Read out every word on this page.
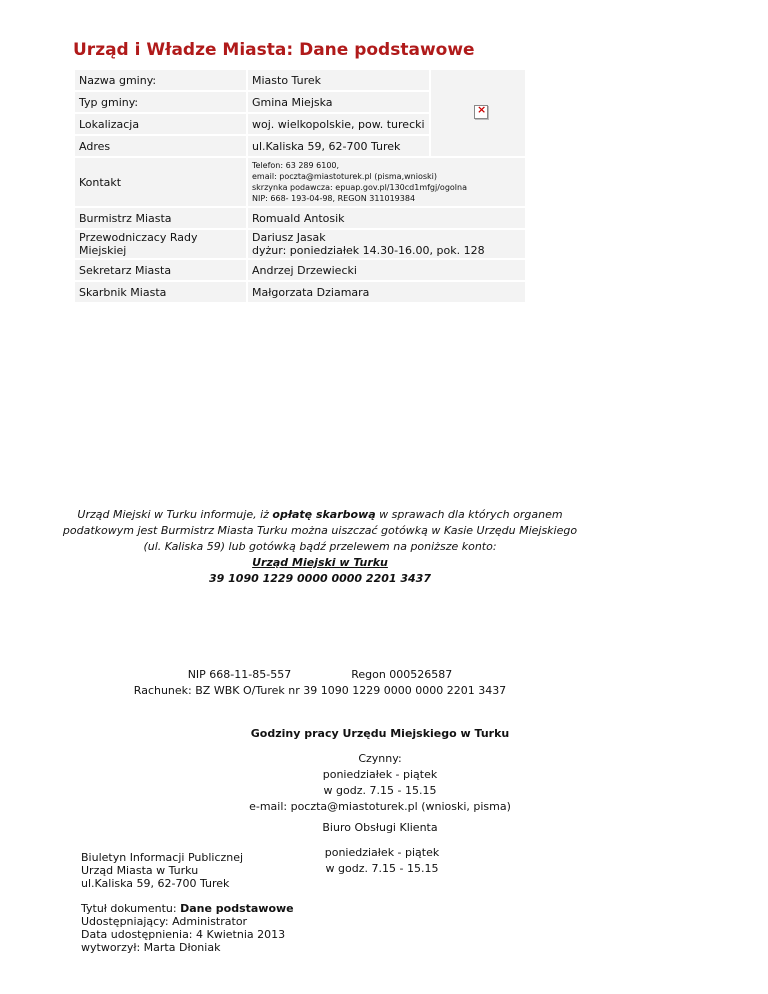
Urząd i Władze Miasta: Dane podstawowe
Nazwa gminy:	Miasto Turek	×
Typ gminy:	Gmina Miejska	
Lokalizacja	woj. wielkopolskie, pow. turecki	
Adres	ul.Kaliska 59, 62-700 Turek	
Kontakt	Telefon: 63 289 6100,
email: poczta@miastoturek.pl (pisma,wnioski)
skrzynka podawcza: epuap.gov.pl/130cd1mfgj/ogolna
NIP: 668- 193-04-98, REGON 311019384	

Burmistrz Miasta	Romuald Antosik	
Przewodniczacy Rady Miejskiej	Dariusz Jasak
dyżur: poniedziałek 14.30-16.00, pok. 128	

Sekretarz Miasta	Andrzej Drzewiecki	
Skarbnik Miasta	Małgorzata Dziamara	
Urząd Miejski w Turku informuje, iż opłatę skarbową w sprawach dla których organem podatkowym jest Burmistrz Miasta Turku można uiszczać gotówką w Kasie Urzędu Miejskiego (ul. Kaliska 59) lub gotówką bądź przelewem na poniższe konto:
Urząd Miejski w Turku
39 1090 1229 0000 0000 2201 3437
NIP 668-11-85-557	Regon 000526587
Rachunek: BZ WBK O/Turek nr 39 1090 1229 0000 0000 2201 3437
Godziny pracy Urzędu Miejskiego w Turku
Czynny:
poniedziałek - piątek
w godz. 7.15 - 15.15
e-mail: poczta@miastoturek.pl (wnioski, pisma)
Biuro Obsługi Klienta
poniedziałek - piątek
w godz. 7.15 - 15.15
Biuletyn Informacji Publicznej
Urząd Miasta w Turku
ul.Kaliska 59, 62-700 Turek
Tytuł dokumentu: Dane podstawowe
Udostępniający: Administrator
Data udostępnienia: 4 Kwietnia 2013
wytworzył: Marta Dłoniak
